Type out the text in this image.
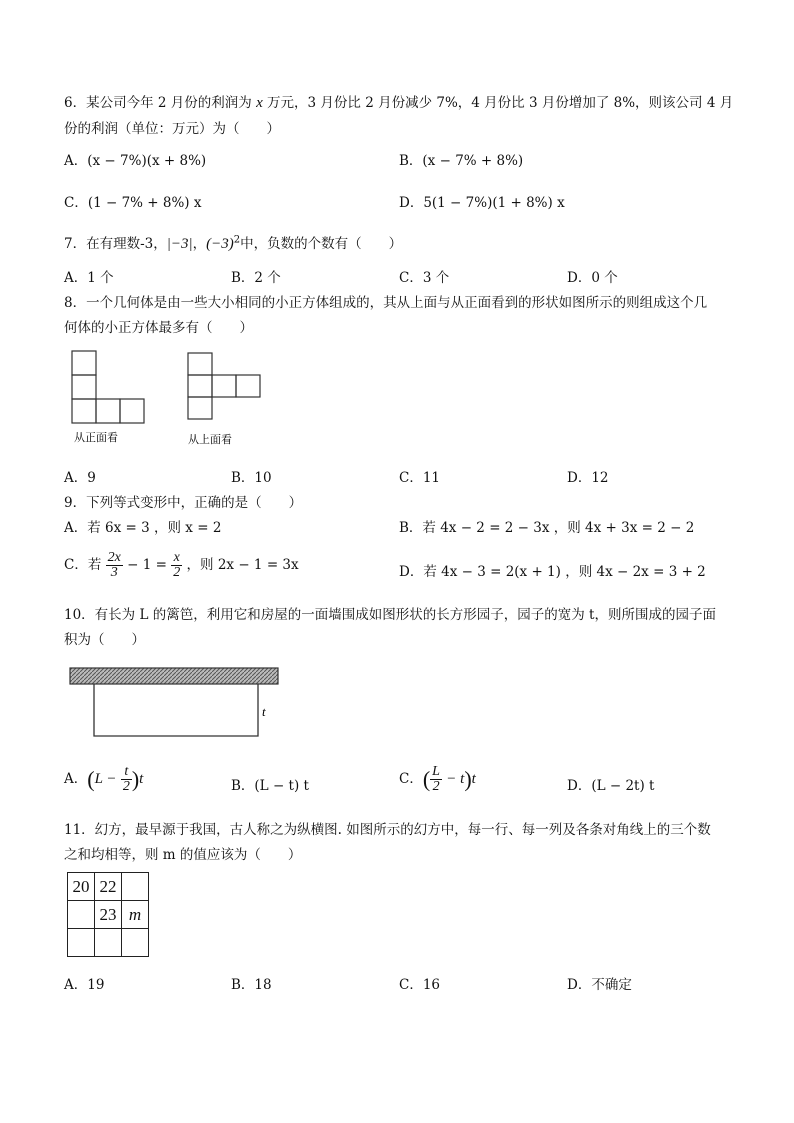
6．某公司今年 2 月份的利润为 x 万元，3 月份比 2 月份减少 7%，4 月份比 3 月份增加了 8%，则该公司 4 月
份的利润（单位：万元）为（　　）
A．(x − 7%)(x + 8%)	B．(x − 7% + 8%)
C．(1 − 7% + 8%) x	D．5(1 − 7%)(1 + 8%) x
7．在有理数-3，|−3|，$(-3)^2$中，负数的个数有（　　）
A．1 个	B．2 个	C．3 个	D．0 个
8．一个几何体是由一些大小相同的小正方体组成的，其从上面与从正面看到的形状如图所示的则组成这个几
何体的小正方体最多有（　　）
从正面看	从上面看
A．9	B．10	C．11	D．12
9．下列等式变形中，正确的是（　　）
A．若 6x = 3 ，则 x = 2	B．若 4x − 2 = 2 − 3x ，则 4x + 3x = 2 − 2
C．若 $\frac{2x}{3} - 1 = \frac{x}{2}$ ，则 2x − 1 = 3x	D．若 4x − 3 = 2(x + 1) ，则 4x − 2x = 3 + 2
10．有长为 L 的篱笆，利用它和房屋的一面墙围成如图形状的长方形园子，园子的宽为 t，则所围成的园子面
积为（　　）
t
A．$(L - \frac{t}{2} )t$	B．(L − t) t	C．( $\frac{L}{2} - t)t$	D．(L − 2t) t
11．幻方，最早源于我国，古人称之为纵横图. 如图所示的幻方中，每一行、每一列及各条对角线上的三个数
之和均相等，则 m 的值应该为（　　）
20	22	
	23	m

A．19	B．18	C．16	D．不确定
